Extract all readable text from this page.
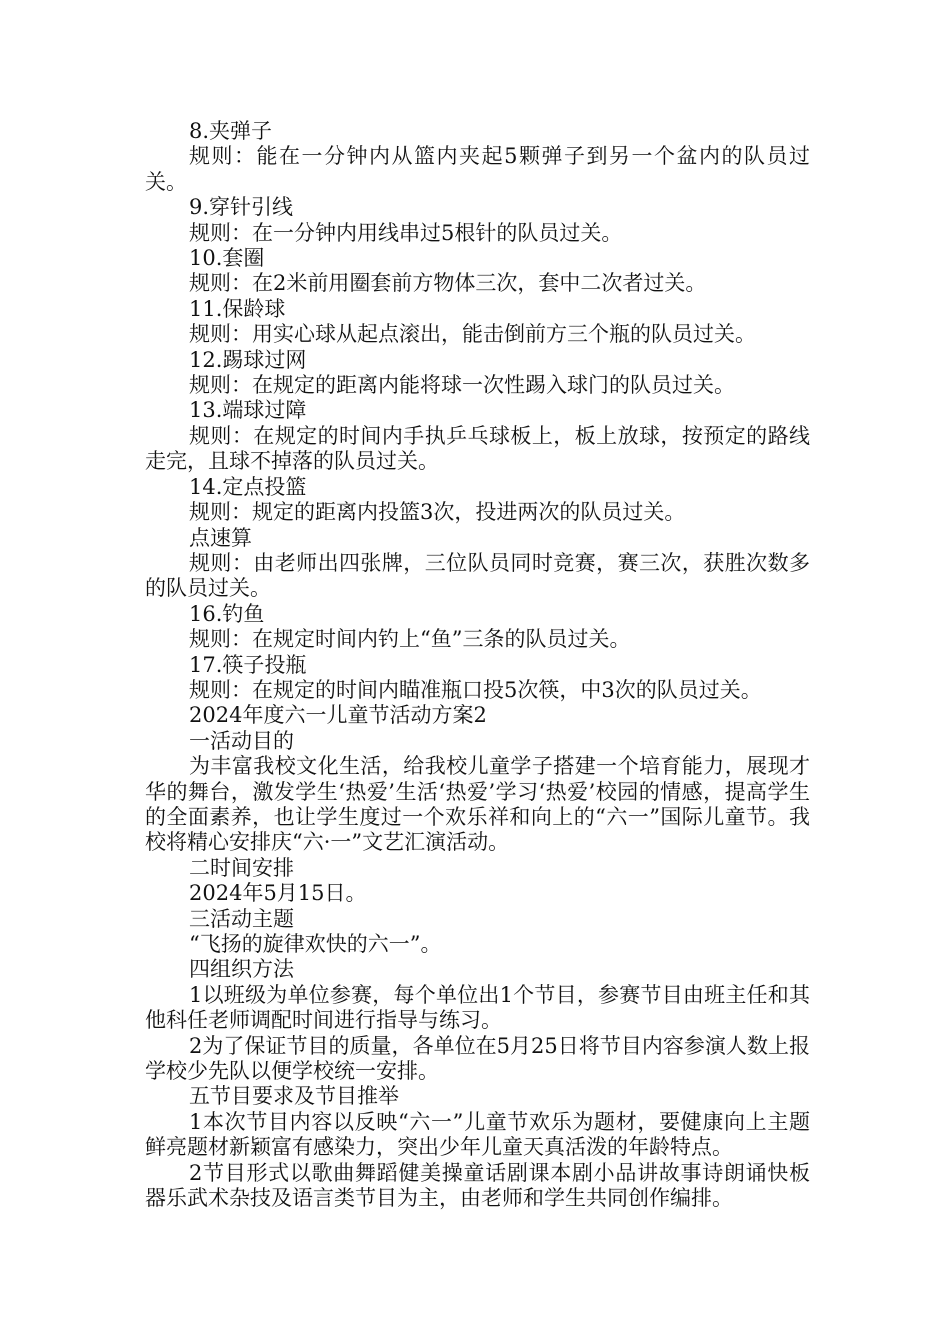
8.夹弹子

规则：能在一分钟内从篮内夹起5颗弹子到另一个盆内的队员过关。

9.穿针引线

规则：在一分钟内用线串过5根针的队员过关。

10.套圈

规则：在2米前用圈套前方物体三次，套中二次者过关。

11.保龄球

规则：用实心球从起点滚出，能击倒前方三个瓶的队员过关。

12.踢球过网

规则：在规定的距离内能将球一次性踢入球门的队员过关。

13.端球过障

规则：在规定的时间内手执乒乓球板上，板上放球，按预定的路线走完，且球不掉落的队员过关。

14.定点投篮

规则：规定的距离内投篮3次，投进两次的队员过关。

点速算

规则：由老师出四张牌，三位队员同时竞赛，赛三次，获胜次数多的队员过关。

16.钓鱼

规则：在规定时间内钓上“鱼”三条的队员过关。

17.筷子投瓶

规则：在规定的时间内瞄准瓶口投5次筷，中3次的队员过关。

2024年度六一儿童节活动方案2

一活动目的

为丰富我校文化生活，给我校儿童学子搭建一个培育能力，展现才华的舞台，激发学生‘热爱’生活‘热爱’学习‘热爱’校园的情感，提高学生的全面素养，也让学生度过一个欢乐祥和向上的“六一”国际儿童节。我校将精心安排庆“六·一”文艺汇演活动。

二时间安排

2024年5月15日。

三活动主题

“飞扬的旋律欢快的六一”。

四组织方法

1以班级为单位参赛，每个单位出1个节目，参赛节目由班主任和其他科任老师调配时间进行指导与练习。

2为了保证节目的质量，各单位在5月25日将节目内容参演人数上报学校少先队以便学校统一安排。

五节目要求及节目推举

1本次节目内容以反映“六一”儿童节欢乐为题材，要健康向上主题鲜亮题材新颖富有感染力，突出少年儿童天真活泼的年龄特点。

2节目形式以歌曲舞蹈健美操童话剧课本剧小品讲故事诗朗诵快板器乐武术杂技及语言类节目为主，由老师和学生共同创作编排。
